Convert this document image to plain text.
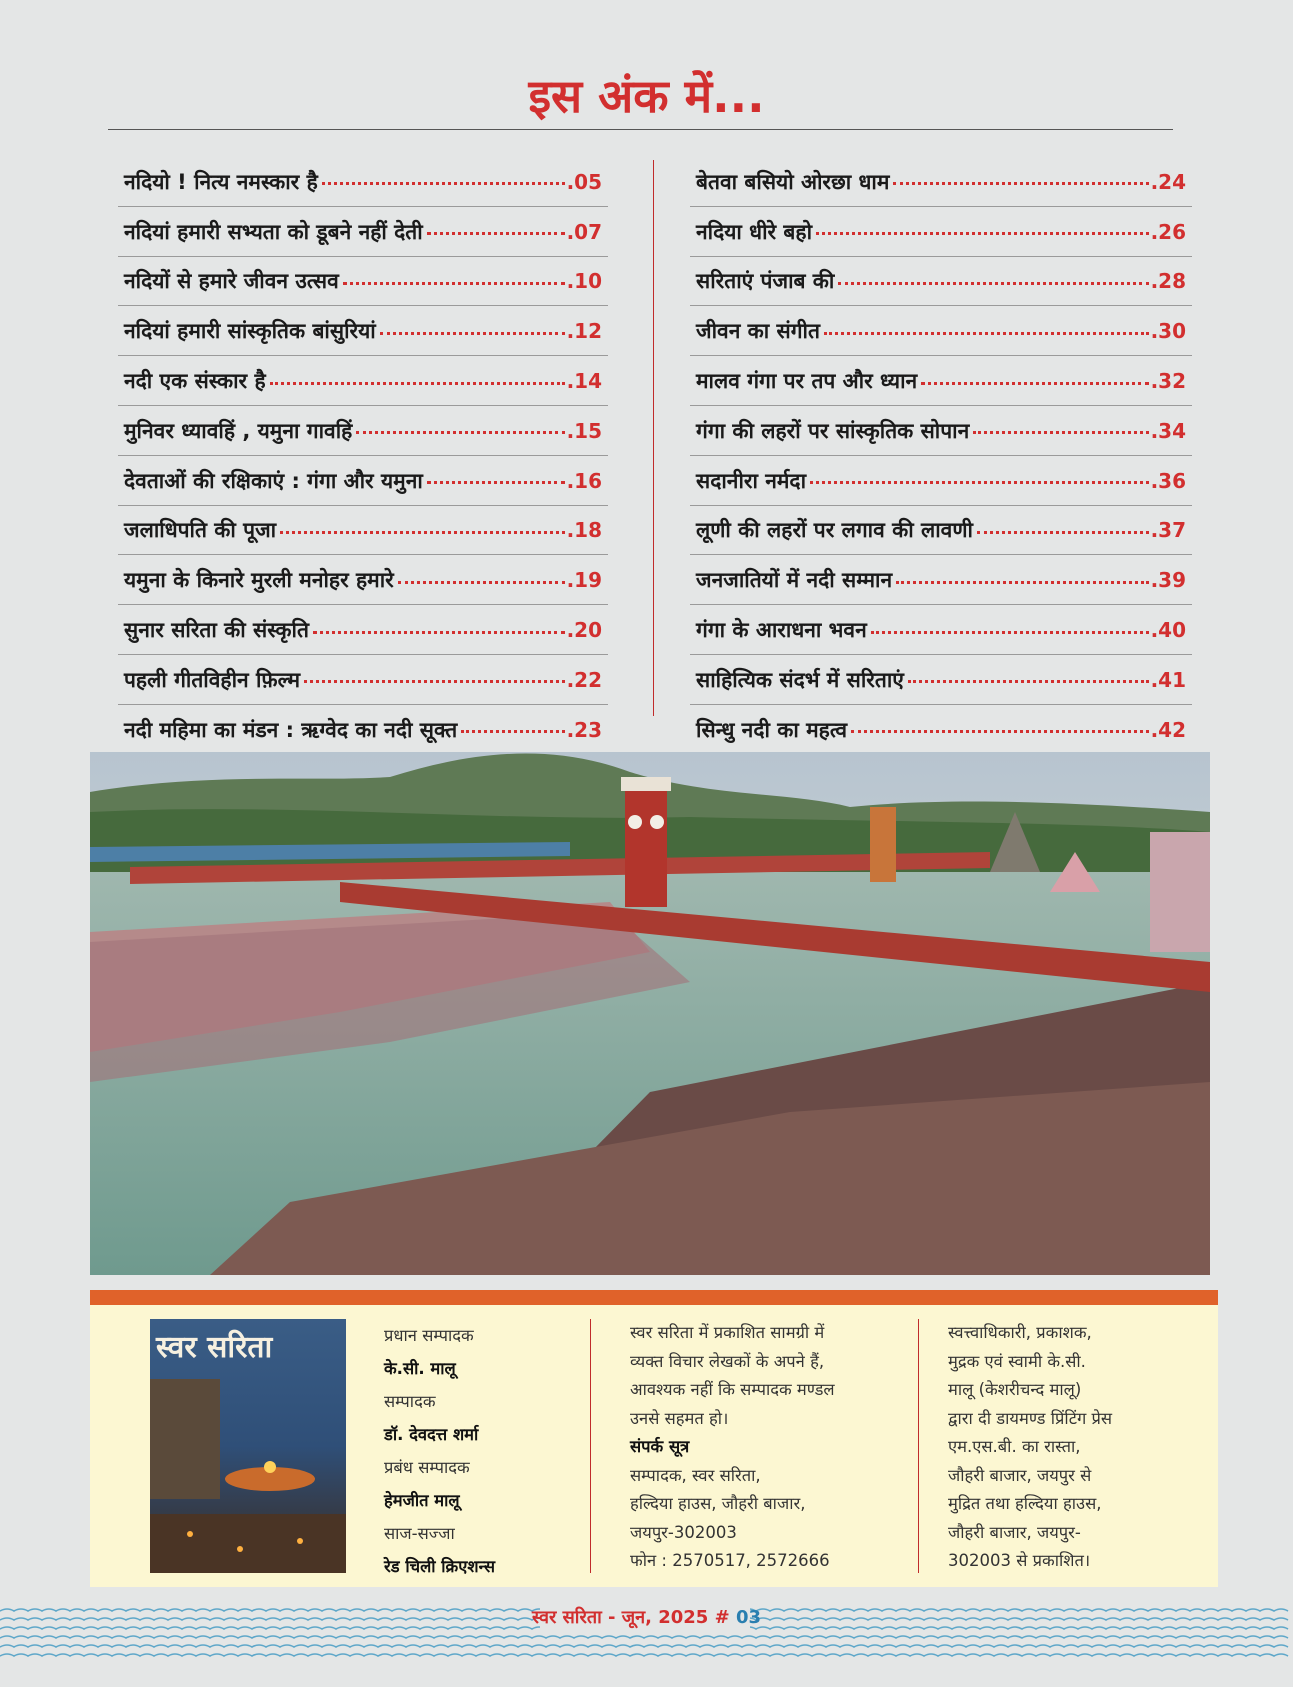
इस अंक में...
नदियो ! नित्य नमस्कार है	.05
नदियां हमारी सभ्यता को डूबने नहीं देती	.07
नदियों से हमारे जीवन उत्सव	.10
नदियां हमारी सांस्कृतिक बांसुरियां	.12
नदी एक संस्कार है	.14
मुनिवर ध्यावहिं , यमुना गावहिं	.15
देवताओं की रक्षिकाएं : गंगा और यमुना	.16
जलाधिपति की पूजा	.18
यमुना के किनारे मुरली मनोहर हमारे	.19
सुनार सरिता की संस्कृति	.20
पहली गीतविहीन फ़िल्म	.22
नदी महिमा का मंडन : ऋग्वेद का नदी सूक्त	.23
बेतवा बसियो ओरछा धाम	.24
नदिया धीरे बहो	.26
सरिताएं पंजाब की	.28
जीवन का संगीत	.30
मालव गंगा पर तप और ध्यान	.32
गंगा की लहरों पर सांस्कृतिक सोपान	.34
सदानीरा नर्मदा	.36
लूणी की लहरों पर लगाव की लावणी	.37
जनजातियों में नदी सम्मान	.39
गंगा के आराधना भवन	.40
साहित्यिक संदर्भ में सरिताएं	.41
सिन्धु नदी का महत्व	.42
स्वर सरिता	प्रधान सम्पादक
के.सी. मालू
सम्पादक
डॉ. देवदत्त शर्मा
प्रबंध सम्पादक
हेमजीत मालू
साज-सज्जा
रेड चिली क्रिएशन्स
स्वर सरिता में प्रकाशित सामग्री में
व्यक्त विचार लेखकों के अपने हैं,
आवश्यक नहीं कि सम्पादक मण्डल
उनसे सहमत हो।
संपर्क सूत्र
सम्पादक, स्वर सरिता,
हल्दिया हाउस, जौहरी बाजार,
जयपुर-302003
फोन : 2570517, 2572666
स्वत्त्वाधिकारी, प्रकाशक,
मुद्रक एवं स्वामी के.सी.
मालू (केशरीचन्द मालू)
द्वारा दी डायमण्ड प्रिंटिंग प्रेस
एम.एस.बी. का रास्ता,
जौहरी बाजार, जयपुर से
मुद्रित तथा हल्दिया हाउस,
जौहरी बाजार, जयपुर-
302003 से प्रकाशित।
स्वर सरिता - जून, 2025 # 03
